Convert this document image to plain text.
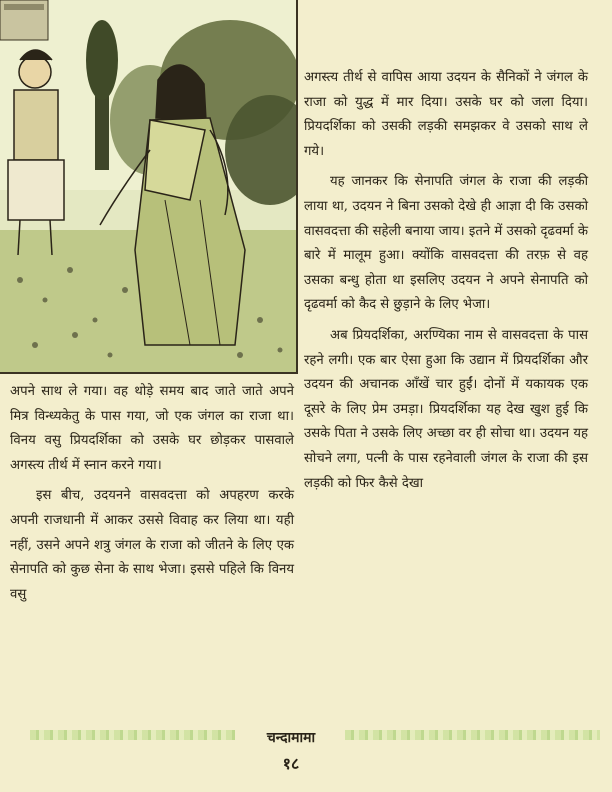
अगस्त्य तीर्थ से वापिस आया उदयन के सैनिकों ने जंगल के राजा को युद्ध में मार दिया। उसके घर को जला दिया। प्रियदर्शिका को उसकी लड़की समझकर वे उसको साथ ले गये।

यह जानकर कि सेनापति जंगल के राजा की लड़की लाया था, उदयन ने बिना उसको देखे ही आज्ञा दी कि उसको वासवदत्ता की सहेली बनाया जाय। इतने में उसको दृढवर्मा के बारे में मालूम हुआ। क्योंकि वासवदत्ता की तरफ़ से वह उसका बन्धु होता था इसलिए उदयन ने अपने सेनापति को दृढवर्मा को कैद से छुड़ाने के लिए भेजा।

अब प्रियदर्शिका, अरण्यिका नाम से वासवदत्ता के पास रहने लगी। एक बार ऐसा हुआ कि उद्यान में प्रियदर्शिका और उदयन की अचानक आँखें चार हुईं। दोनों में यकायक एक दूसरे के लिए प्रेम उमड़ा। प्रियदर्शिका यह देख खुश हुई कि उसके पिता ने उसके लिए अच्छा वर ही सोचा था। उदयन यह सोचने लगा, पत्नी के पास रहनेवाली जंगल के राजा की इस लड़की को फिर कैसे देखा

अपने साथ ले गया। वह थोड़े समय बाद जाते जाते अपने मित्र विन्ध्यकेतु के पास गया, जो एक जंगल का राजा था। विनय वसु प्रियदर्शिका को उसके घर छोड़कर पासवाले अगस्त्य तीर्थ में स्नान करने गया।

इस बीच, उदयनने वासवदत्ता को अपहरण करके अपनी राजधानी में आकर उससे विवाह कर लिया था। यही नहीं, उसने अपने शत्रु जंगल के राजा को जीतने के लिए एक सेनापति को कुछ सेना के साथ भेजा। इससे पहिले कि विनय वसु

चन्दामामा
१८
